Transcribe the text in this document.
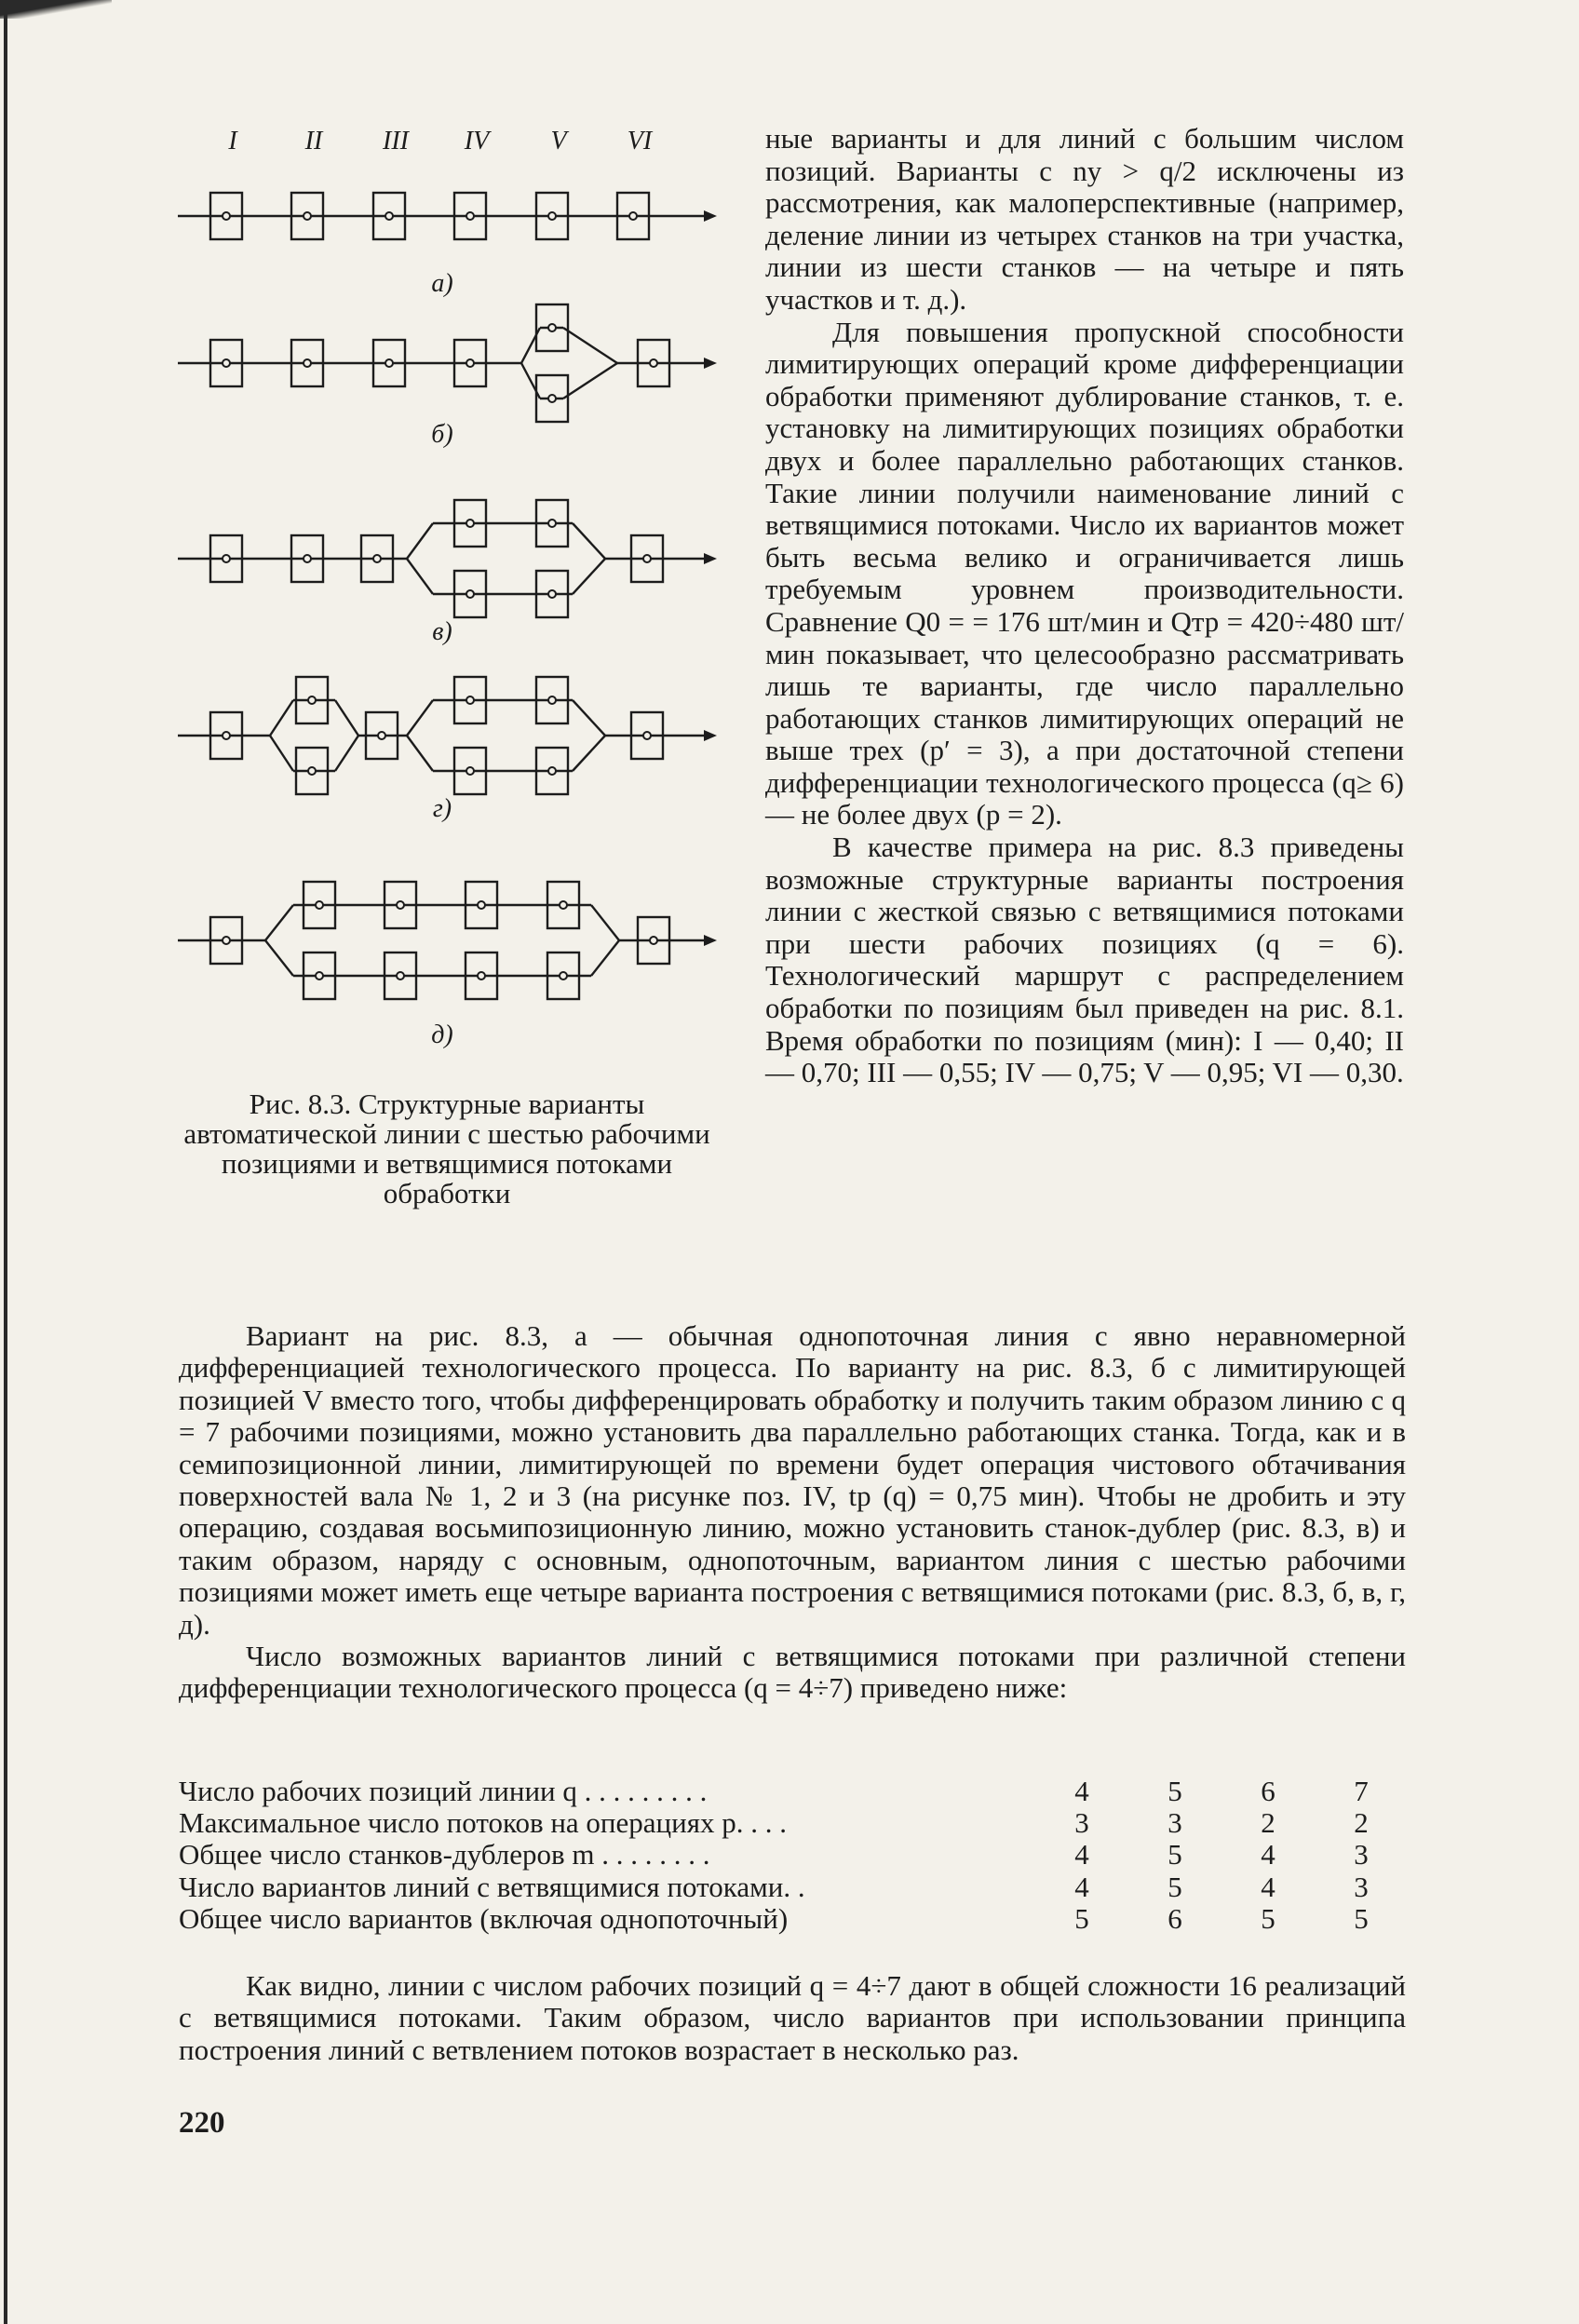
I	II III IV V VI
а)
б)
в)
г)
д)
Рис. 8.3. Структурные варианты автоматической линии с шестью рабочими позициями и ветвящимися потоками обработки

ные варианты и для линий с большим числом позиций. Варианты с nу > q/2 исключены из рассмотрения, как малоперспективные (например, деление линии из четырех станков на три участка, линии из шести станков — на четыре и пять участков и т. д.).

Для повышения пропускной способности лимитирующих операций кроме дифференциации обработки применяют дублирование станков, т. е. установку на лимитирующих позициях обработки двух и более параллельно работающих станков. Такие линии получили наименование линий с ветвящимися потоками. Число их вариантов может быть весьма велико и ограничивается лишь требуемым уровнем производительности. Сравнение Q0 = = 176 шт/мин и Qтр = 420÷480 шт/мин показывает, что целесообразно рассматривать лишь те варианты, где число параллельно работающих станков лимитирующих операций не выше трех (p′ = 3), а при достаточной степени дифференциации технологического процесса (q≥ 6) — не более двух (p = 2).

В качестве примера на рис. 8.3 приведены возможные структурные варианты построения линии с жесткой связью с ветвящимися потоками при шести рабочих позициях (q = 6). Технологический маршрут с распределением обработки по позициям был приведен на рис. 8.1. Время обработки по позициям (мин): I — 0,40; II — 0,70; III — 0,55; IV — 0,75; V — 0,95; VI — 0,30.

Вариант на рис. 8.3, а — обычная однопоточная линия с явно неравномерной дифференциацией технологического процесса. По варианту на рис. 8.3, б с лимитирующей позицией V вместо того, чтобы дифференцировать обработку и получить таким образом линию с q = 7 рабочими позициями, можно установить два параллельно работающих станка. Тогда, как и в семипозиционной линии, лимитирующей по времени будет операция чистового обтачивания поверхностей вала № 1, 2 и 3 (на рисунке поз. IV, tр (q) = 0,75 мин). Чтобы не дробить и эту операцию, создавая восьмипозиционную линию, можно установить станок-дублер (рис. 8.3, в) и таким образом, наряду с основным, однопоточным, вариантом линия с шестью рабочими позициями может иметь еще четыре варианта построения с ветвящимися потоками (рис. 8.3, б, в, г, д).

Число возможных вариантов линий с ветвящимися потоками при различной степени дифференциации технологического процесса (q = 4÷7) приведено ниже:

Число рабочих позиций линии q . . . . . . . . .	4	5	6	7
Максимальное число потоков на операциях p. . . .	3	3	2	2
Общее число станков-дублеров m . . . . . . . .	4	5	4	3
Число вариантов линий с ветвящимися потоками. .	4	5	4	3
Общее число вариантов (включая однопоточный)	5	6	5	5

Как видно, линии с числом рабочих позиций q = 4÷7 дают в общей сложности 16 реализаций с ветвящимися потоками. Таким образом, число вариантов при использовании принципа построения линий с ветвлением потоков возрастает в несколько раз.

220
